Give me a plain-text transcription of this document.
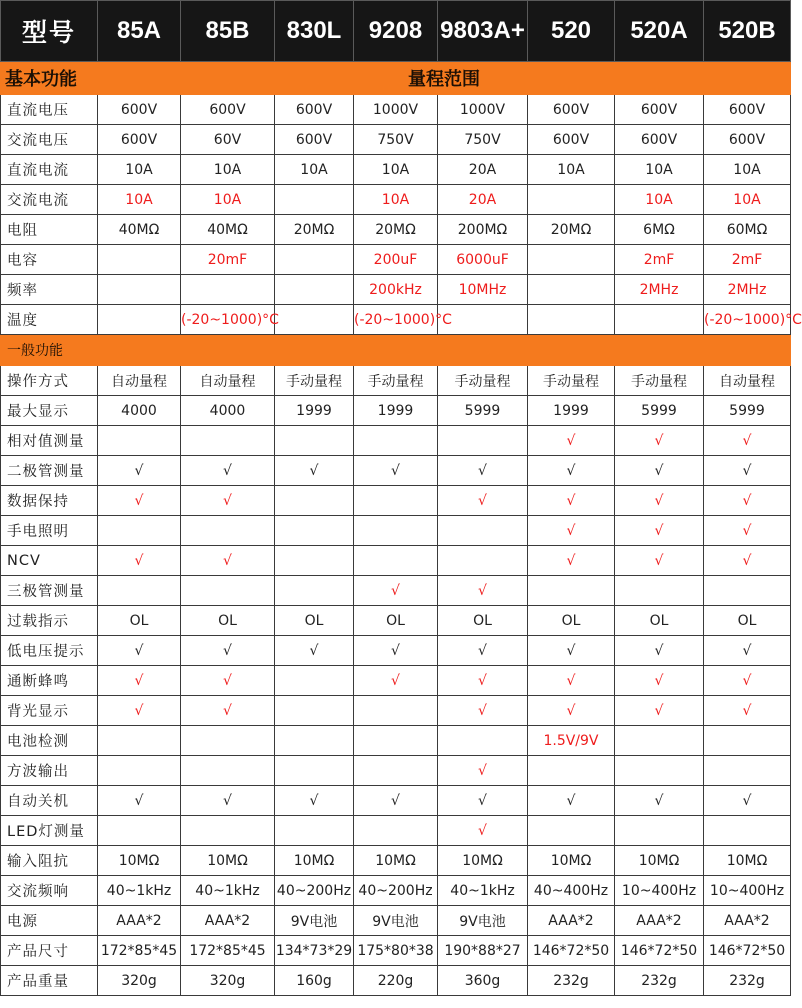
型号	85A	85B	830L	9208	9803A+	520	520A	520B
基本功能	量程范围							
直流电压	600V	600V	600V	1000V	1000V	600V	600V	600V
交流电压	600V	60V	600V	750V	750V	600V	600V	600V
直流电流	10A	10A	10A	10A	20A	10A	10A	10A
交流电流	10A	10A		10A	20A		10A	10A
电阻	40MΩ	40MΩ	20MΩ	20MΩ	200MΩ	20MΩ	6MΩ	60MΩ
电容		20mF		200uF	6000uF		2mF	2mF
频率				200kHz	10MHz		2MHz	2MHz
温度		(-20~1000)°C		(-20~1000)°C				(-20~1000)°C
一般功能								
操作方式	自动量程	自动量程	手动量程	手动量程	手动量程	手动量程	手动量程	自动量程
最大显示	4000	4000	1999	1999	5999	1999	5999	5999
相对值测量						√	√	√
二极管测量	√	√	√	√	√	√	√	√
数据保持	√	√			√	√	√	√
手电照明						√	√	√
NCV	√	√				√	√	√
三极管测量				√	√			
过载指示	OL	OL	OL	OL	OL	OL	OL	OL
低电压提示	√	√	√	√	√	√	√	√
通断蜂鸣	√	√		√	√	√	√	√
背光显示	√	√			√	√	√	√
电池检测						1.5V/9V		
方波输出					√			
自动关机	√	√	√	√	√	√	√	√
LED灯测量					√			
输入阻抗	10MΩ	10MΩ	10MΩ	10MΩ	10MΩ	10MΩ	10MΩ	10MΩ
交流频响	40~1kHz	40~1kHz	40~200Hz	40~200Hz	40~1kHz	40~400Hz	10~400Hz	10~400Hz
电源	AAA*2	AAA*2	9V电池	9V电池	9V电池	AAA*2	AAA*2	AAA*2
产品尺寸	172*85*45	172*85*45	134*73*29	175*80*38	190*88*27	146*72*50	146*72*50	146*72*50
产品重量	320g	320g	160g	220g	360g	232g	232g	232g
